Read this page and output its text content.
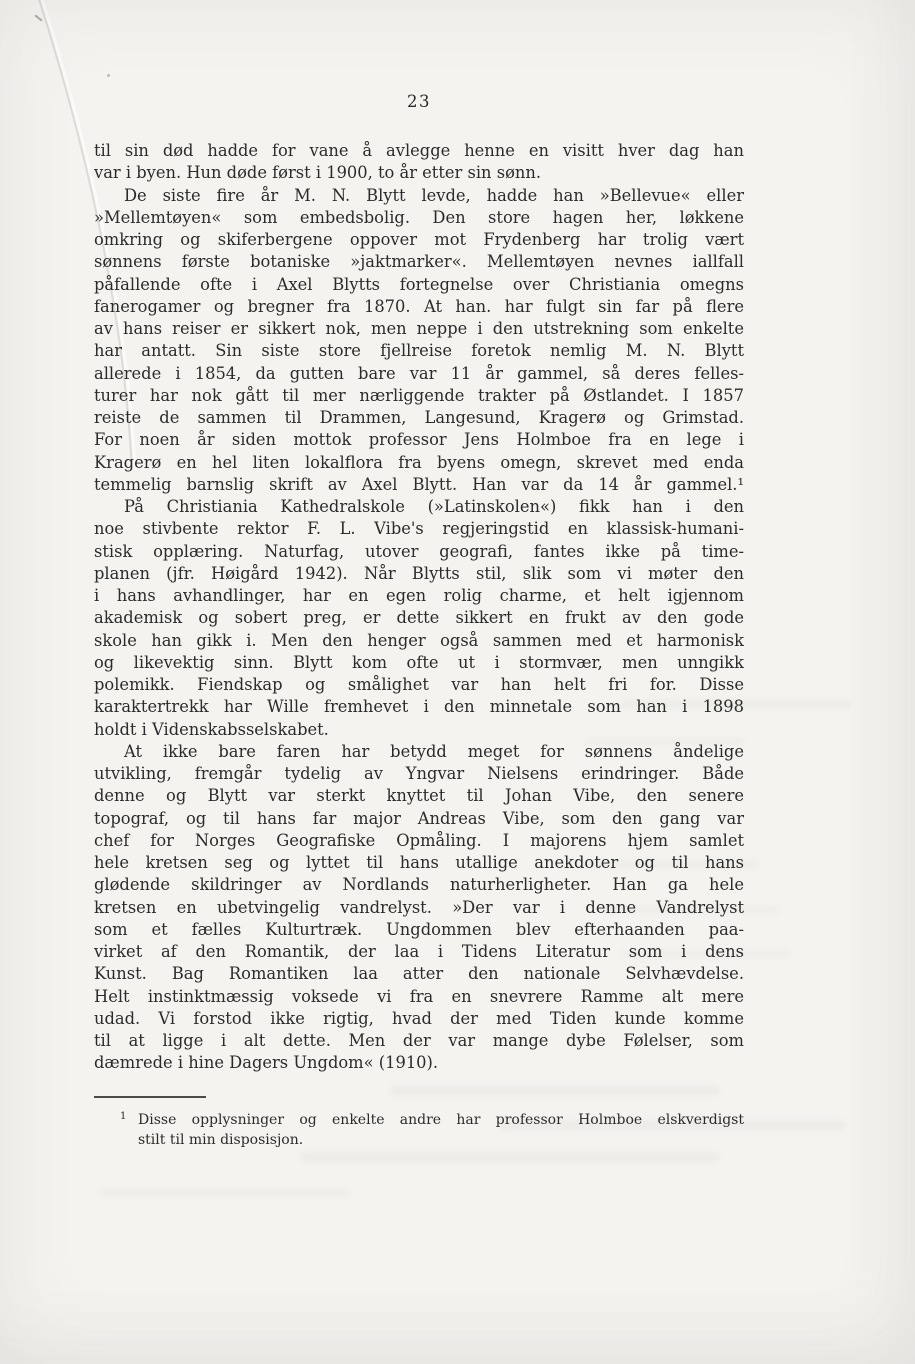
23
til sin død hadde for vane å avlegge henne en visitt hver dag han
var i byen. Hun døde først i 1900, to år etter sin sønn.
De siste fire år M. N. Blytt levde, hadde han »Bellevue« eller
»Mellemtøyen« som embedsbolig. Den store hagen her, løkkene
omkring og skiferbergene oppover mot Frydenberg har trolig vært
sønnens første botaniske »jaktmarker«. Mellemtøyen nevnes iallfall
påfallende ofte i Axel Blytts fortegnelse over Christiania omegns
fanerogamer og bregner fra 1870. At han. har fulgt sin far på flere
av hans reiser er sikkert nok, men neppe i den utstrekning som enkelte
har antatt. Sin siste store fjellreise foretok nemlig M. N. Blytt
allerede i 1854, da gutten bare var 11 år gammel, så deres felles-
turer har nok gått til mer nærliggende trakter på Østlandet. I 1857
reiste de sammen til Drammen, Langesund, Kragerø og Grimstad.
For noen år siden mottok professor Jens Holmboe fra en lege i
Kragerø en hel liten lokalflora fra byens omegn, skrevet med enda
temmelig barnslig skrift av Axel Blytt. Han var da 14 år gammel.¹
På Christiania Kathedralskole (»Latinskolen«) fikk han i den
noe stivbente rektor F. L. Vibe's regjeringstid en klassisk-humani-
stisk opplæring. Naturfag, utover geografi, fantes ikke på time-
planen (jfr. Høigård 1942). Når Blytts stil, slik som vi møter den
i hans avhandlinger, har en egen rolig charme, et helt igjennom
akademisk og sobert preg, er dette sikkert en frukt av den gode
skole han gikk i. Men den henger også sammen med et harmonisk
og likevektig sinn. Blytt kom ofte ut i stormvær, men unngikk
polemikk. Fiendskap og smålighet var han helt fri for. Disse
karaktertrekk har Wille fremhevet i den minnetale som han i 1898
holdt i Videnskabsselskabet.
At ikke bare faren har betydd meget for sønnens åndelige
utvikling, fremgår tydelig av Yngvar Nielsens erindringer. Både
denne og Blytt var sterkt knyttet til Johan Vibe, den senere
topograf, og til hans far major Andreas Vibe, som den gang var
chef for Norges Geografiske Opmåling. I majorens hjem samlet
hele kretsen seg og lyttet til hans utallige anekdoter og til hans
glødende skildringer av Nordlands naturherligheter. Han ga hele
kretsen en ubetvingelig vandrelyst. »Der var i denne Vandrelyst
som et fælles Kulturtræk. Ungdommen blev efterhaanden paa-
virket af den Romantik, der laa i Tidens Literatur som i dens
Kunst. Bag Romantiken laa atter den nationale Selvhævdelse.
Helt instinktmæssig voksede vi fra en snevrere Ramme alt mere
udad. Vi forstod ikke rigtig, hvad der med Tiden kunde komme
til at ligge i alt dette. Men der var mange dybe Følelser, som
dæmrede i hine Dagers Ungdom« (1910).
1 Disse opplysninger og enkelte andre har professor Holmboe elskverdigst
stilt til min disposisjon.
